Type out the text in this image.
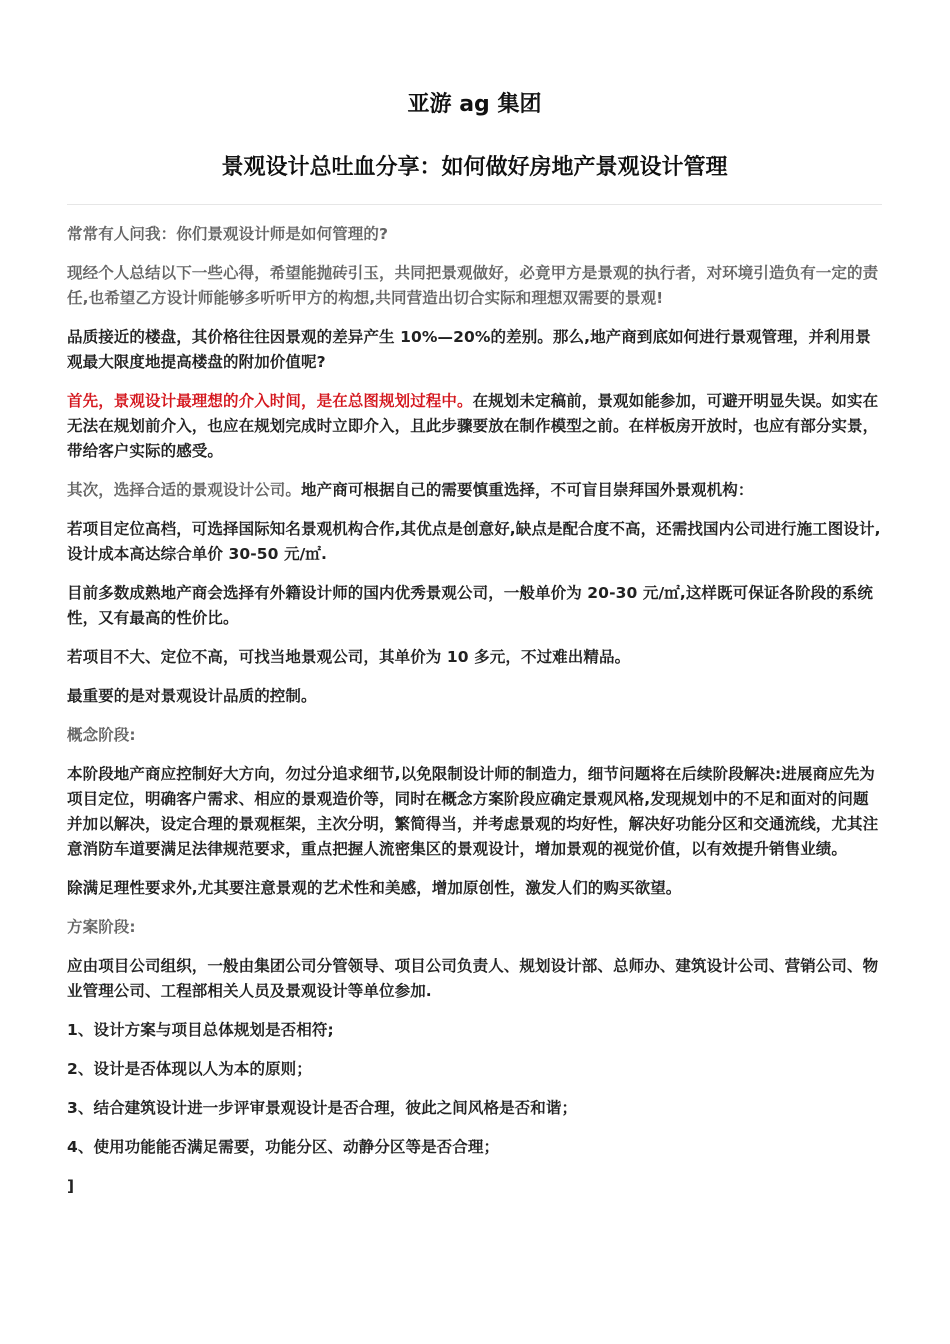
亚游 ag 集团
景观设计总吐血分享：如何做好房地产景观设计管理

常常有人问我：你们景观设计师是如何管理的?

现经个人总结以下一些心得，希望能抛砖引玉，共同把景观做好，必竟甲方是景观的执行者，对环境引造负有一定的责任,也希望乙方设计师能够多听听甲方的构想,共同营造出切合实际和理想双需要的景观!

品质接近的楼盘，其价格往往因景观的差异产生 10%—20%的差别。那么,地产商到底如何进行景观管理，并利用景观最大限度地提高楼盘的附加价值呢?

首先，景观设计最理想的介入时间，是在总图规划过程中。在规划未定稿前，景观如能参加，可避开明显失误。如实在无法在规划前介入，也应在规划完成时立即介入，且此步骤要放在制作模型之前。在样板房开放时，也应有部分实景，带给客户实际的感受。

其次，选择合适的景观设计公司。地产商可根据自己的需要慎重选择，不可盲目崇拜国外景观机构：

若项目定位高档，可选择国际知名景观机构合作,其优点是创意好,缺点是配合度不高，还需找国内公司进行施工图设计,设计成本高达综合单价 30-50 元/㎡.

目前多数成熟地产商会选择有外籍设计师的国内优秀景观公司，一般单价为 20-30 元/㎡,这样既可保证各阶段的系统性，又有最高的性价比。

若项目不大、定位不高，可找当地景观公司，其单价为 10 多元，不过难出精品。

最重要的是对景观设计品质的控制。

概念阶段:

本阶段地产商应控制好大方向，勿过分追求细节,以免限制设计师的制造力，细节问题将在后续阶段解决:进展商应先为项目定位，明确客户需求、相应的景观造价等，同时在概念方案阶段应确定景观风格,发现规划中的不足和面对的问题并加以解决，设定合理的景观框架，主次分明，繁简得当，并考虑景观的均好性，解决好功能分区和交通流线，尤其注意消防车道要满足法律规范要求，重点把握人流密集区的景观设计，增加景观的视觉价值，以有效提升销售业绩。

除满足理性要求外,尤其要注意景观的艺术性和美感，增加原创性，激发人们的购买欲望。

方案阶段:

应由项目公司组织，一般由集团公司分管领导、项目公司负责人、规划设计部、总师办、建筑设计公司、营销公司、物业管理公司、工程部相关人员及景观设计等单位参加.

1、设计方案与项目总体规划是否相符;

2、设计是否体现以人为本的原则；

3、结合建筑设计进一步评审景观设计是否合理，彼此之间风格是否和谐；

4、使用功能能否满足需要，功能分区、动静分区等是否合理；

]
